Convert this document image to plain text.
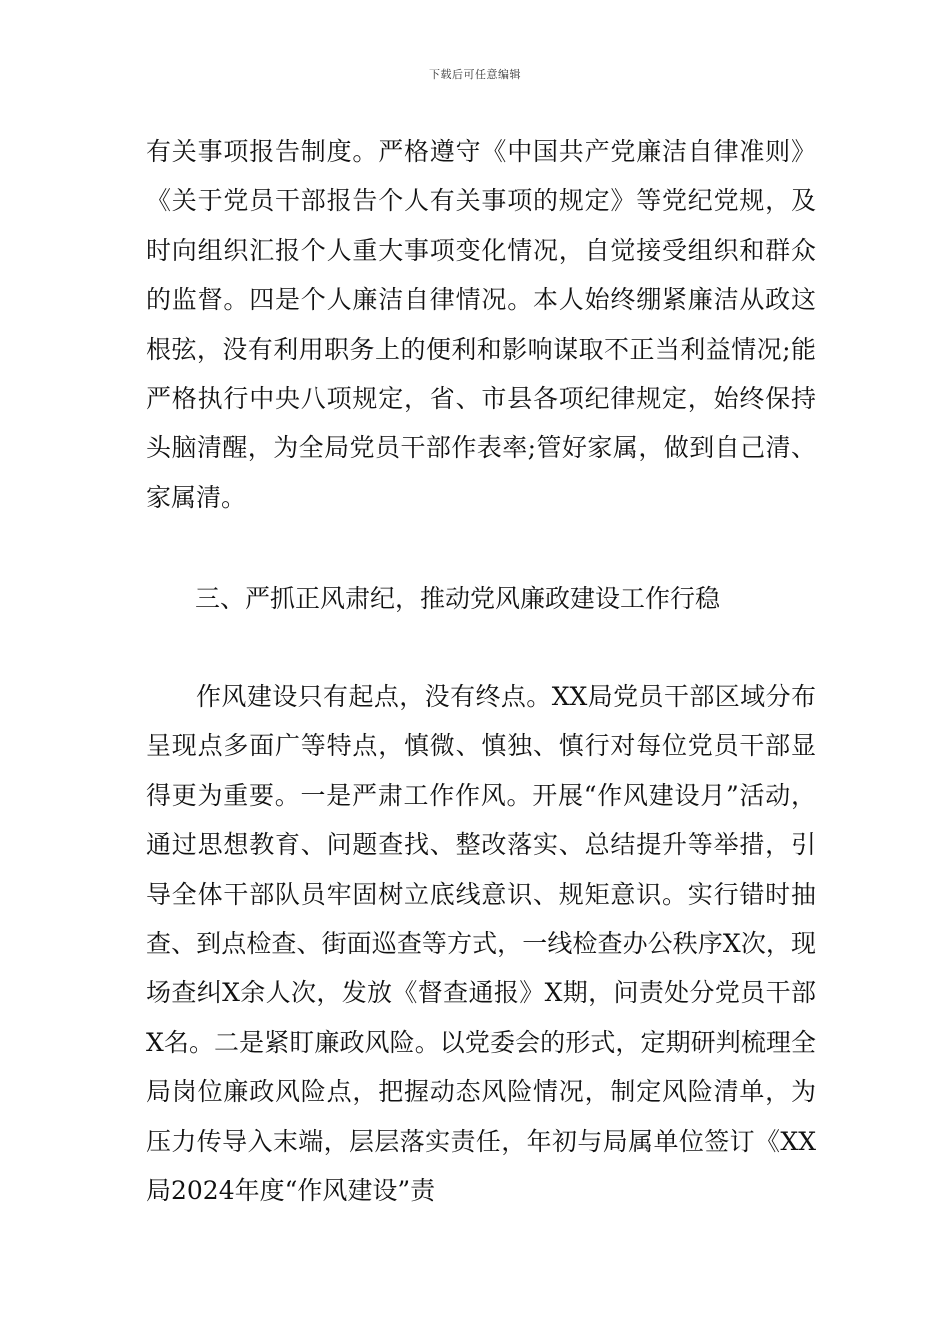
下载后可任意编辑

有关事项报告制度。严格遵守《中国共产党廉洁自律准则》《关于党员干部报告个人有关事项的规定》等党纪党规，及时向组织汇报个人重大事项变化情况，自觉接受组织和群众的监督。四是个人廉洁自律情况。本人始终绷紧廉洁从政这根弦，没有利用职务上的便利和影响谋取不正当利益情况;能严格执行中央八项规定，省、市县各项纪律规定，始终保持头脑清醒，为全局党员干部作表率;管好家属，做到自己清、家属清。

三、严抓正风肃纪，推动党风廉政建设工作行稳

作风建设只有起点，没有终点。XX局党员干部区域分布呈现点多面广等特点，慎微、慎独、慎行对每位党员干部显得更为重要。一是严肃工作作风。开展“作风建设月”活动，通过思想教育、问题查找、整改落实、总结提升等举措，引导全体干部队员牢固树立底线意识、规矩意识。实行错时抽查、到点检查、街面巡查等方式，一线检查办公秩序X次，现场查纠X余人次，发放《督查通报》X期，问责处分党员干部X名。二是紧盯廉政风险。以党委会的形式，定期研判梳理全局岗位廉政风险点，把握动态风险情况，制定风险清单，为压力传导入末端，层层落实责任，年初与局属单位签订《XX局2024年度“作风建设”责
